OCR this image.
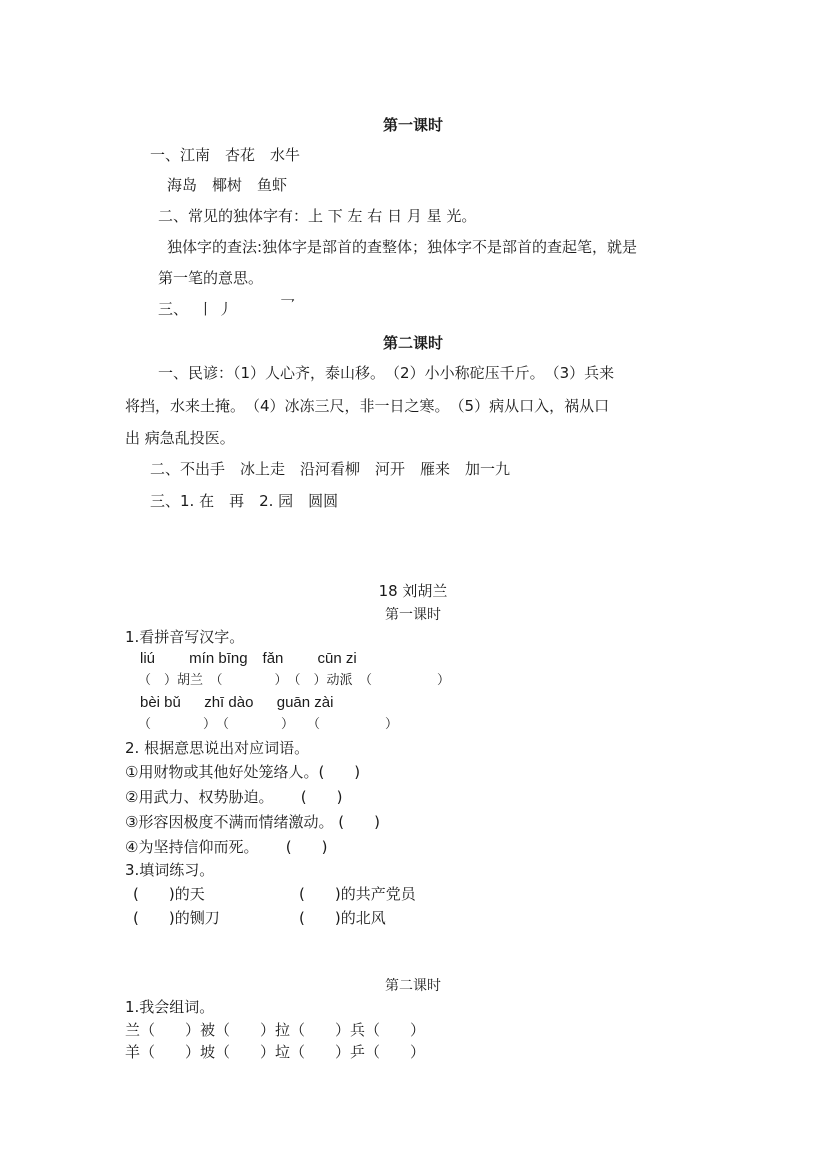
第一课时
一、江南　杏花　水牛
海岛　椰树　鱼虾
二、常见的独体字有：上 下 左 右 日 月 星 光。
独体字的查法:独体字是部首的查整体；独体字不是部首的查起笔，就是
第一笔的意思。
三、 丨 丿	乛
第二课时
一、民谚：（1）人心齐，泰山移。　（2）小小称砣压千斤。　（3）兵来
将挡，水来土掩。　（4）冰冻三尺，非一日之寒。　（5）病从口入，祸从口
出 病急乱投医。
二、不出手　冰上走　沿河看柳　河开　雁来　加一九
三、1. 在　再　2. 园　圆圆
18 刘胡兰
第一课时
1.看拼音写汉字。
liú　　 mín bīng　fǎn　　 cūn zi
（　）胡兰　（　　　　）　（　）动派　（　　　　　）
bèi bǔ　  zhī dào　  guān zài
（　　　　）　（　　　　）　　（　　　　　）
2. 根据意思说出对应词语。
①用财物或其他好处笼络人。(　　)
②用武力、权势胁迫。　　 (　　)
③形容因极度不满而情绪激动。 (　　)
④为坚持信仰而死。　　 (　　)
3.填词练习。
(　　)的天	(　　)的共产党员
(　　)的铡刀	(　　)的北风
第二课时
1.我会组词。
兰（　　）被（　　）拉（　　）兵（　　）
羊（　　）坡（　　）垃（　　）乒（　　）
